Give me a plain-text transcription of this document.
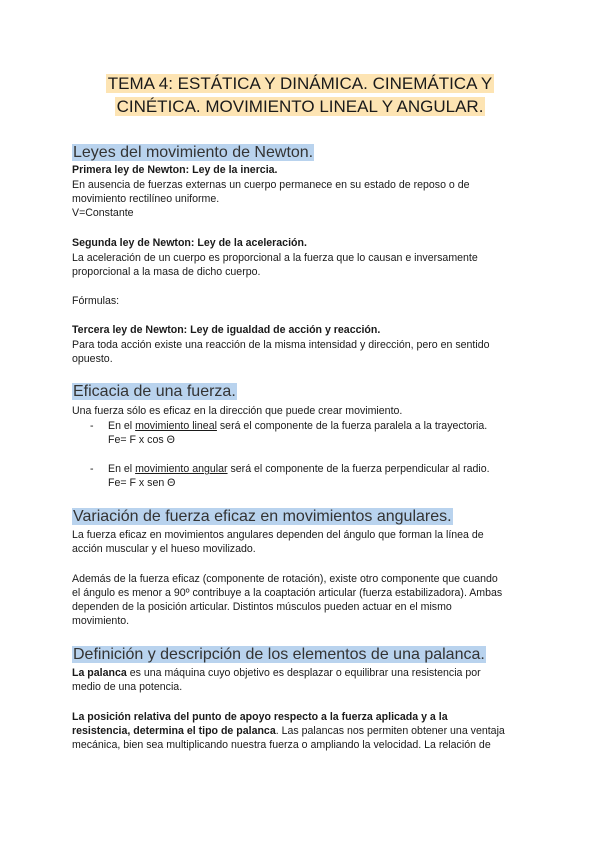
TEMA 4: ESTÁTICA Y DINÁMICA. CINEMÁTICA Y
CINÉTICA. MOVIMIENTO LINEAL Y ANGULAR.
Leyes del movimiento de Newton.
Primera ley de Newton: Ley de la inercia.
En ausencia de fuerzas externas un cuerpo permanece en su estado de reposo o de
movimiento rectilíneo uniforme.
V=Constante
Segunda ley de Newton: Ley de la aceleración.
La aceleración de un cuerpo es proporcional a la fuerza que lo causan e inversamente
proporcional a la masa de dicho cuerpo.
Fórmulas:
Tercera ley de Newton: Ley de igualdad de acción y reacción.
Para toda acción existe una reacción de la misma intensidad y dirección, pero en sentido
opuesto.
Eficacia de una fuerza.
Una fuerza sólo es eficaz en la dirección que puede crear movimiento.
- En el movimiento lineal será el componente de la fuerza paralela a la trayectoria.
Fe= F x cos Θ
- En el movimiento angular será el componente de la fuerza perpendicular al radio.
Fe= F x sen Θ
Variación de fuerza eficaz en movimientos angulares.
La fuerza eficaz en movimientos angulares dependen del ángulo que forman la línea de
acción muscular y el hueso movilizado.
Además de la fuerza eficaz (componente de rotación), existe otro componente que cuando
el ángulo es menor a 90º contribuye a la coaptación articular (fuerza estabilizadora). Ambas
dependen de la posición articular. Distintos músculos pueden actuar en el mismo
movimiento.
Definición y descripción de los elementos de una palanca.
La palanca es una máquina cuyo objetivo es desplazar o equilibrar una resistencia por
medio de una potencia.
La posición relativa del punto de apoyo respecto a la fuerza aplicada y a la
resistencia, determina el tipo de palanca. Las palancas nos permiten obtener una ventaja
mecánica, bien sea multiplicando nuestra fuerza o ampliando la velocidad. La relación de
